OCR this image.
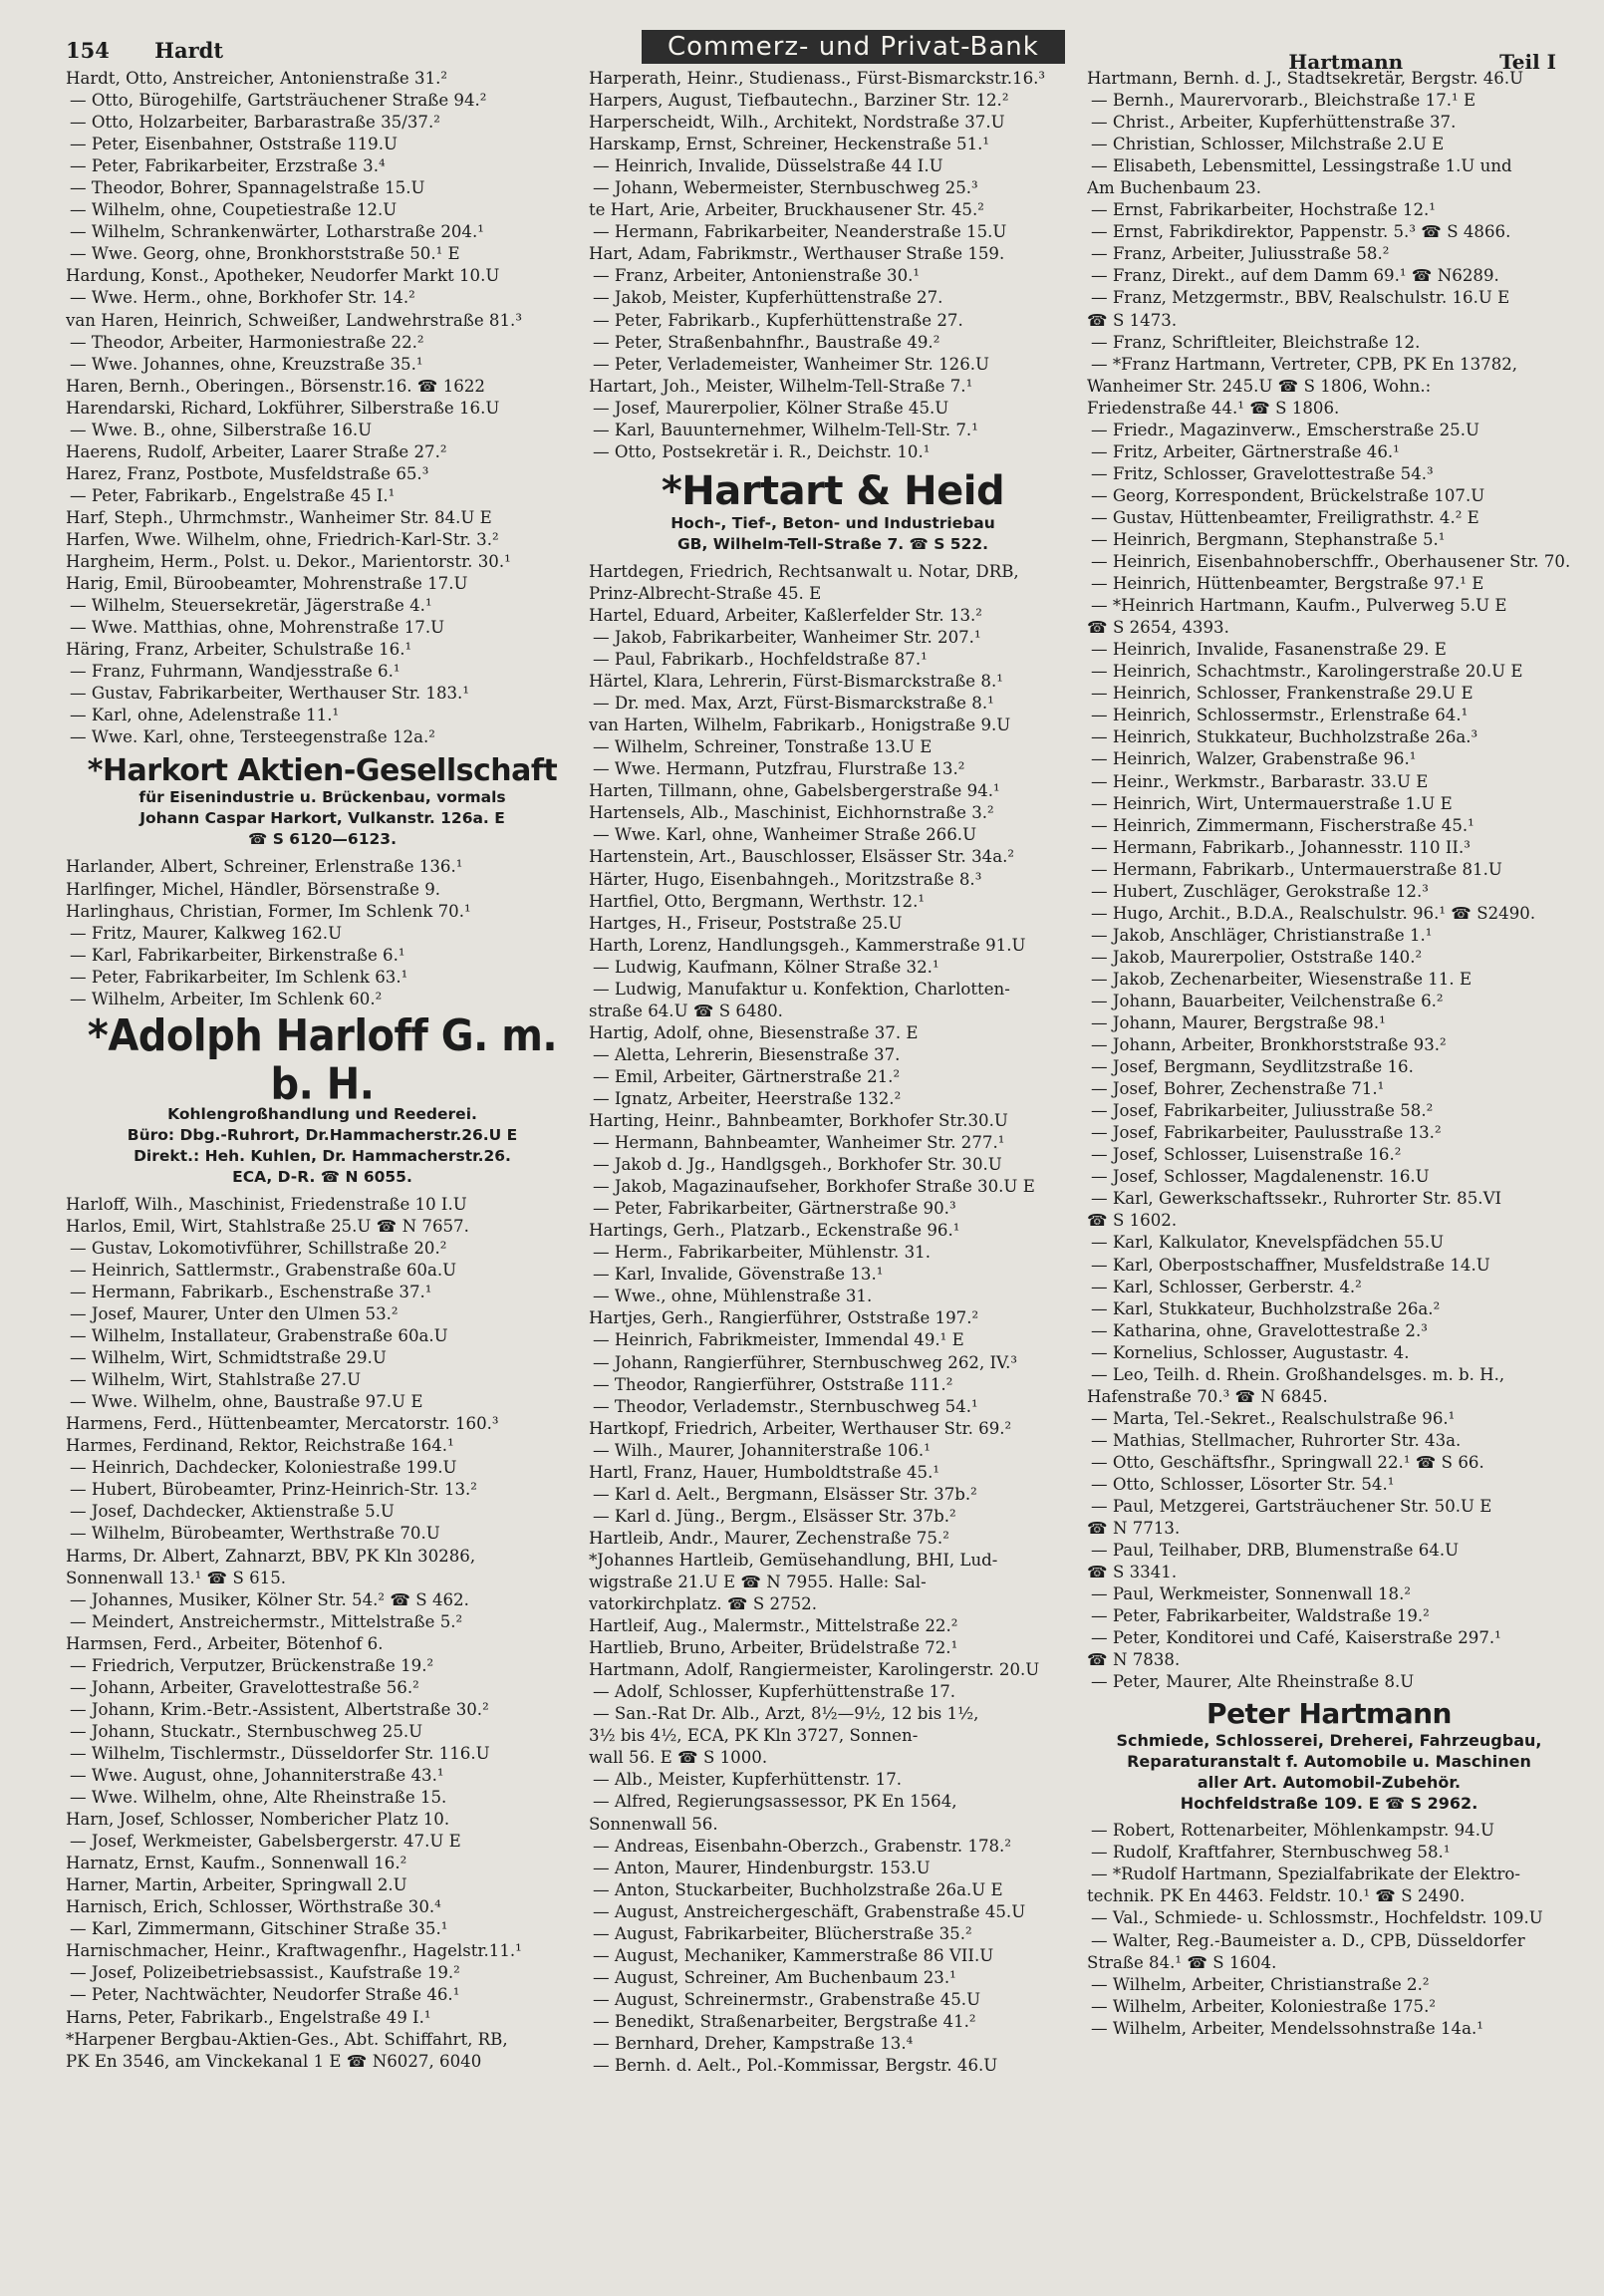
154 Hardt	Commerz- und Privat-Bank	Hartmann	Teil I
Hardt, Otto, Anstreicher, Antonienstraße 31.²
— Otto, Bürogehilfe, Gartsträuchener Straße 94.²
— Otto, Holzarbeiter, Barbarastraße 35/37.²
— Peter, Eisenbahner, Oststraße 119.U
— Peter, Fabrikarbeiter, Erzstraße 3.⁴
— Theodor, Bohrer, Spannagelstraße 15.U
— Wilhelm, ohne, Coupetiestraße 12.U
— Wilhelm, Schrankenwärter, Lotharstraße 204.¹
— Wwe. Georg, ohne, Bronkhorststraße 50.¹ E
Hardung, Konst., Apotheker, Neudorfer Markt 10.U
— Wwe. Herm., ohne, Borkhofer Str. 14.²
van Haren, Heinrich, Schweißer, Landwehrstraße 81.³
— Theodor, Arbeiter, Harmoniestraße 22.²
— Wwe. Johannes, ohne, Kreuzstraße 35.¹
Haren, Bernh., Oberingen., Börsenstr.16. ☎ 1622
Harendarski, Richard, Lokführer, Silberstraße 16.U
— Wwe. B., ohne, Silberstraße 16.U
Haerens, Rudolf, Arbeiter, Laarer Straße 27.²
Harez, Franz, Postbote, Musfeldstraße 65.³
— Peter, Fabrikarb., Engelstraße 45 I.¹
Harf, Steph., Uhrmchmstr., Wanheimer Str. 84.U E
Harfen, Wwe. Wilhelm, ohne, Friedrich-Karl-Str. 3.²
Hargheim, Herm., Polst. u. Dekor., Marientorstr. 30.¹
Harig, Emil, Büroobeamter, Mohrenstraße 17.U
— Wilhelm, Steuersekretär, Jägerstraße 4.¹
— Wwe. Matthias, ohne, Mohrenstraße 17.U
Häring, Franz, Arbeiter, Schulstraße 16.¹
— Franz, Fuhrmann, Wandjesstraße 6.¹
— Gustav, Fabrikarbeiter, Werthauser Str. 183.¹
— Karl, ohne, Adelenstraße 11.¹
— Wwe. Karl, ohne, Tersteegenstraße 12a.²
*Harkort Aktien-Gesellschaft
für Eisenindustrie u. Brückenbau, vormals
Johann Caspar Harkort, Vulkanstr. 126a. E
☎ S 6120—6123.
Harlander, Albert, Schreiner, Erlenstraße 136.¹
Harlfinger, Michel, Händler, Börsenstraße 9.
Harlinghaus, Christian, Former, Im Schlenk 70.¹
— Fritz, Maurer, Kalkweg 162.U
— Karl, Fabrikarbeiter, Birkenstraße 6.¹
— Peter, Fabrikarbeiter, Im Schlenk 63.¹
— Wilhelm, Arbeiter, Im Schlenk 60.²
*Adolph Harloff G. m. b. H.
Kohlengroßhandlung und Reederei.
Büro: Dbg.-Ruhrort, Dr.Hammacherstr.26.U E
Direkt.: Heh. Kuhlen, Dr. Hammacherstr.26.
ECA, D-R. ☎ N 6055.
Harloff, Wilh., Maschinist, Friedenstraße 10 I.U
Harlos, Emil, Wirt, Stahlstraße 25.U ☎ N 7657.
— Gustav, Lokomotivführer, Schillstraße 20.²
— Heinrich, Sattlermstr., Grabenstraße 60a.U
— Hermann, Fabrikarb., Eschenstraße 37.¹
— Josef, Maurer, Unter den Ulmen 53.²
— Wilhelm, Installateur, Grabenstraße 60a.U
— Wilhelm, Wirt, Schmidtstraße 29.U
— Wilhelm, Wirt, Stahlstraße 27.U
— Wwe. Wilhelm, ohne, Baustraße 97.U E
Harmens, Ferd., Hüttenbeamter, Mercatorstr. 160.³
Harmes, Ferdinand, Rektor, Reichstraße 164.¹
— Heinrich, Dachdecker, Koloniestraße 199.U
— Hubert, Bürobeamter, Prinz-Heinrich-Str. 13.²
— Josef, Dachdecker, Aktienstraße 5.U
— Wilhelm, Bürobeamter, Werthstraße 70.U
Harms, Dr. Albert, Zahnarzt, BBV, PK Kln 30286,
Sonnenwall 13.¹ ☎ S 615.
— Johannes, Musiker, Kölner Str. 54.² ☎ S 462.
— Meindert, Anstreichermstr., Mittelstraße 5.²
Harmsen, Ferd., Arbeiter, Bötenhof 6.
— Friedrich, Verputzer, Brückenstraße 19.²
— Johann, Arbeiter, Gravelottestraße 56.²
— Johann, Krim.-Betr.-Assistent, Albertstraße 30.²
— Johann, Stuckatr., Sternbuschweg 25.U
— Wilhelm, Tischlermstr., Düsseldorfer Str. 116.U
— Wwe. August, ohne, Johanniterstraße 43.¹
— Wwe. Wilhelm, ohne, Alte Rheinstraße 15.
Harn, Josef, Schlosser, Nombericher Platz 10.
— Josef, Werkmeister, Gabelsbergerstr. 47.U E
Harnatz, Ernst, Kaufm., Sonnenwall 16.²
Harner, Martin, Arbeiter, Springwall 2.U
Harnisch, Erich, Schlosser, Wörthstraße 30.⁴
— Karl, Zimmermann, Gitschiner Straße 35.¹
Harnischmacher, Heinr., Kraftwagenfhr., Hagelstr.11.¹
— Josef, Polizeibetriebsassist., Kaufstraße 19.²
— Peter, Nachtwächter, Neudorfer Straße 46.¹
Harns, Peter, Fabrikarb., Engelstraße 49 I.¹
*Harpener Bergbau-Aktien-Ges., Abt. Schiffahrt, RB,
PK En 3546, am Vinckekanal 1 E ☎ N6027, 6040
Harperath, Heinr., Studienass., Fürst-Bismarckstr.16.³
Harpers, August, Tiefbautechn., Barziner Str. 12.²
Harperscheidt, Wilh., Architekt, Nordstraße 37.U
Harskamp, Ernst, Schreiner, Heckenstraße 51.¹
— Heinrich, Invalide, Düsselstraße 44 I.U
— Johann, Webermeister, Sternbuschweg 25.³
te Hart, Arie, Arbeiter, Bruckhausener Str. 45.²
— Hermann, Fabrikarbeiter, Neanderstraße 15.U
Hart, Adam, Fabrikmstr., Werthauser Straße 159.
— Franz, Arbeiter, Antonienstraße 30.¹
— Jakob, Meister, Kupferhüttenstraße 27.
— Peter, Fabrikarb., Kupferhüttenstraße 27.
— Peter, Straßenbahnfhr., Baustraße 49.²
— Peter, Verlademeister, Wanheimer Str. 126.U
Hartart, Joh., Meister, Wilhelm-Tell-Straße 7.¹
— Josef, Maurerpolier, Kölner Straße 45.U
— Karl, Bauunternehmer, Wilhelm-Tell-Str. 7.¹
— Otto, Postsekretär i. R., Deichstr. 10.¹
*Hartart & Heid
Hoch-, Tief-, Beton- und Industriebau
GB, Wilhelm-Tell-Straße 7. ☎ S 522.
Hartdegen, Friedrich, Rechtsanwalt u. Notar, DRB,
Prinz-Albrecht-Straße 45. E
Hartel, Eduard, Arbeiter, Kaßlerfelder Str. 13.²
— Jakob, Fabrikarbeiter, Wanheimer Str. 207.¹
— Paul, Fabrikarb., Hochfeldstraße 87.¹
Härtel, Klara, Lehrerin, Fürst-Bismarckstraße 8.¹
— Dr. med. Max, Arzt, Fürst-Bismarckstraße 8.¹
van Harten, Wilhelm, Fabrikarb., Honigstraße 9.U
— Wilhelm, Schreiner, Tonstraße 13.U E
— Wwe. Hermann, Putzfrau, Flurstraße 13.²
Harten, Tillmann, ohne, Gabelsbergerstraße 94.¹
Hartensels, Alb., Maschinist, Eichhornstraße 3.²
— Wwe. Karl, ohne, Wanheimer Straße 266.U
Hartenstein, Art., Bauschlosser, Elsässer Str. 34a.²
Härter, Hugo, Eisenbahngeh., Moritzstraße 8.³
Hartfiel, Otto, Bergmann, Werthstr. 12.¹
Hartges, H., Friseur, Poststraße 25.U
Harth, Lorenz, Handlungsgeh., Kammerstraße 91.U
— Ludwig, Kaufmann, Kölner Straße 32.¹
— Ludwig, Manufaktur u. Konfektion, Charlotten-
straße 64.U ☎ S 6480.
Hartig, Adolf, ohne, Biesenstraße 37. E
— Aletta, Lehrerin, Biesenstraße 37.
— Emil, Arbeiter, Gärtnerstraße 21.²
— Ignatz, Arbeiter, Heerstraße 132.²
Harting, Heinr., Bahnbeamter, Borkhofer Str.30.U
— Hermann, Bahnbeamter, Wanheimer Str. 277.¹
— Jakob d. Jg., Handlgsgeh., Borkhofer Str. 30.U
— Jakob, Magazinaufseher, Borkhofer Straße 30.U E
— Peter, Fabrikarbeiter, Gärtnerstraße 90.³
Hartings, Gerh., Platzarb., Eckenstraße 96.¹
— Herm., Fabrikarbeiter, Mühlenstr. 31.
— Karl, Invalide, Gövenstraße 13.¹
— Wwe., ohne, Mühlenstraße 31.
Hartjes, Gerh., Rangierführer, Oststraße 197.²
— Heinrich, Fabrikmeister, Immendal 49.¹ E
— Johann, Rangierführer, Sternbuschweg 262, IV.³
— Theodor, Rangierführer, Oststraße 111.²
— Theodor, Verlademstr., Sternbuschweg 54.¹
Hartkopf, Friedrich, Arbeiter, Werthauser Str. 69.²
— Wilh., Maurer, Johanniterstraße 106.¹
Hartl, Franz, Hauer, Humboldtstraße 45.¹
— Karl d. Aelt., Bergmann, Elsässer Str. 37b.²
— Karl d. Jüng., Bergm., Elsässer Str. 37b.²
Hartleib, Andr., Maurer, Zechenstraße 75.²
*Johannes Hartleib, Gemüsehandlung, BHI, Lud-
wigstraße 21.U E ☎ N 7955. Halle: Sal-
vatorkirchplatz. ☎ S 2752.
Hartleif, Aug., Malermstr., Mittelstraße 22.²
Hartlieb, Bruno, Arbeiter, Brüdelstraße 72.¹
Hartmann, Adolf, Rangiermeister, Karolingerstr. 20.U
— Adolf, Schlosser, Kupferhüttenstraße 17.
— San.-Rat Dr. Alb., Arzt, 8½—9½, 12 bis 1½,
3½ bis 4½, ECA, PK Kln 3727, Sonnen-
wall 56. E ☎ S 1000.
— Alb., Meister, Kupferhüttenstr. 17.
— Alfred, Regierungsassessor, PK En 1564,
Sonnenwall 56.
— Andreas, Eisenbahn-Oberzch., Grabenstr. 178.²
— Anton, Maurer, Hindenburgstr. 153.U
— Anton, Stuckarbeiter, Buchholzstraße 26a.U E
— August, Anstreichergeschäft, Grabenstraße 45.U
— August, Fabrikarbeiter, Blücherstraße 35.²
— August, Mechaniker, Kammerstraße 86 VII.U
— August, Schreiner, Am Buchenbaum 23.¹
— August, Schreinermstr., Grabenstraße 45.U
— Benedikt, Straßenarbeiter, Bergstraße 41.²
— Bernhard, Dreher, Kampstraße 13.⁴
— Bernh. d. Aelt., Pol.-Kommissar, Bergstr. 46.U
Hartmann, Bernh. d. J., Stadtsekretär, Bergstr. 46.U
— Bernh., Maurervorarb., Bleichstraße 17.¹ E
— Christ., Arbeiter, Kupferhüttenstraße 37.
— Christian, Schlosser, Milchstraße 2.U E
— Elisabeth, Lebensmittel, Lessingstraße 1.U und
Am Buchenbaum 23.
— Ernst, Fabrikarbeiter, Hochstraße 12.¹
— Ernst, Fabrikdirektor, Pappenstr. 5.³ ☎ S 4866.
— Franz, Arbeiter, Juliusstraße 58.²
— Franz, Direkt., auf dem Damm 69.¹ ☎ N6289.
— Franz, Metzgermstr., BBV, Realschulstr. 16.U E
☎ S 1473.
— Franz, Schriftleiter, Bleichstraße 12.
— *Franz Hartmann, Vertreter, CPB, PK En 13782,
Wanheimer Str. 245.U ☎ S 1806, Wohn.:
Friedenstraße 44.¹ ☎ S 1806.
— Friedr., Magazinverw., Emscherstraße 25.U
— Fritz, Arbeiter, Gärtnerstraße 46.¹
— Fritz, Schlosser, Gravelottestraße 54.³
— Georg, Korrespondent, Brückelstraße 107.U
— Gustav, Hüttenbeamter, Freiligrathstr. 4.² E
— Heinrich, Bergmann, Stephanstraße 5.¹
— Heinrich, Eisenbahnoberschffr., Oberhausener Str. 70.
— Heinrich, Hüttenbeamter, Bergstraße 97.¹ E
— *Heinrich Hartmann, Kaufm., Pulverweg 5.U E
☎ S 2654, 4393.
— Heinrich, Invalide, Fasanenstraße 29. E
— Heinrich, Schachtmstr., Karolingerstraße 20.U E
— Heinrich, Schlosser, Frankenstraße 29.U E
— Heinrich, Schlossermstr., Erlenstraße 64.¹
— Heinrich, Stukkateur, Buchholzstraße 26a.³
— Heinrich, Walzer, Grabenstraße 96.¹
— Heinr., Werkmstr., Barbarastr. 33.U E
— Heinrich, Wirt, Untermauerstraße 1.U E
— Heinrich, Zimmermann, Fischerstraße 45.¹
— Hermann, Fabrikarb., Johannesstr. 110 II.³
— Hermann, Fabrikarb., Untermauerstraße 81.U
— Hubert, Zuschläger, Gerokstraße 12.³
— Hugo, Archit., B.D.A., Realschulstr. 96.¹ ☎ S2490.
— Jakob, Anschläger, Christianstraße 1.¹
— Jakob, Maurerpolier, Oststraße 140.²
— Jakob, Zechenarbeiter, Wiesenstraße 11. E
— Johann, Bauarbeiter, Veilchenstraße 6.²
— Johann, Maurer, Bergstraße 98.¹
— Johann, Arbeiter, Bronkhorststraße 93.²
— Josef, Bergmann, Seydlitzstraße 16.
— Josef, Bohrer, Zechenstraße 71.¹
— Josef, Fabrikarbeiter, Juliusstraße 58.²
— Josef, Fabrikarbeiter, Paulusstraße 13.²
— Josef, Schlosser, Luisenstraße 16.²
— Josef, Schlosser, Magdalenenstr. 16.U
— Karl, Gewerkschaftssekr., Ruhrorter Str. 85.VI
☎ S 1602.
— Karl, Kalkulator, Knevelspfädchen 55.U
— Karl, Oberpostschaffner, Musfeldstraße 14.U
— Karl, Schlosser, Gerberstr. 4.²
— Karl, Stukkateur, Buchholzstraße 26a.²
— Katharina, ohne, Gravelottestraße 2.³
— Kornelius, Schlosser, Augustastr. 4.
— Leo, Teilh. d. Rhein. Großhandelsges. m. b. H.,
Hafenstraße 70.³ ☎ N 6845.
— Marta, Tel.-Sekret., Realschulstraße 96.¹
— Mathias, Stellmacher, Ruhrorter Str. 43a.
— Otto, Geschäftsfhr., Springwall 22.¹ ☎ S 66.
— Otto, Schlosser, Lösorter Str. 54.¹
— Paul, Metzgerei, Gartsträuchener Str. 50.U E
☎ N 7713.
— Paul, Teilhaber, DRB, Blumenstraße 64.U
☎ S 3341.
— Paul, Werkmeister, Sonnenwall 18.²
— Peter, Fabrikarbeiter, Waldstraße 19.²
— Peter, Konditorei und Café, Kaiserstraße 297.¹
☎ N 7838.
— Peter, Maurer, Alte Rheinstraße 8.U
Peter Hartmann
Schmiede, Schlosserei, Dreherei, Fahrzeugbau,
Reparaturanstalt f. Automobile u. Maschinen
aller Art. Automobil-Zubehör.
Hochfeldstraße 109. E ☎ S 2962.
— Robert, Rottenarbeiter, Möhlenkampstr. 94.U
— Rudolf, Kraftfahrer, Sternbuschweg 58.¹
— *Rudolf Hartmann, Spezialfabrikate der Elektro-
technik. PK En 4463. Feldstr. 10.¹ ☎ S 2490.
— Val., Schmiede- u. Schlossmstr., Hochfeldstr. 109.U
— Walter, Reg.-Baumeister a. D., CPB, Düsseldorfer
Straße 84.¹ ☎ S 1604.
— Wilhelm, Arbeiter, Christianstraße 2.²
— Wilhelm, Arbeiter, Koloniestraße 175.²
— Wilhelm, Arbeiter, Mendelssohnstraße 14a.¹
